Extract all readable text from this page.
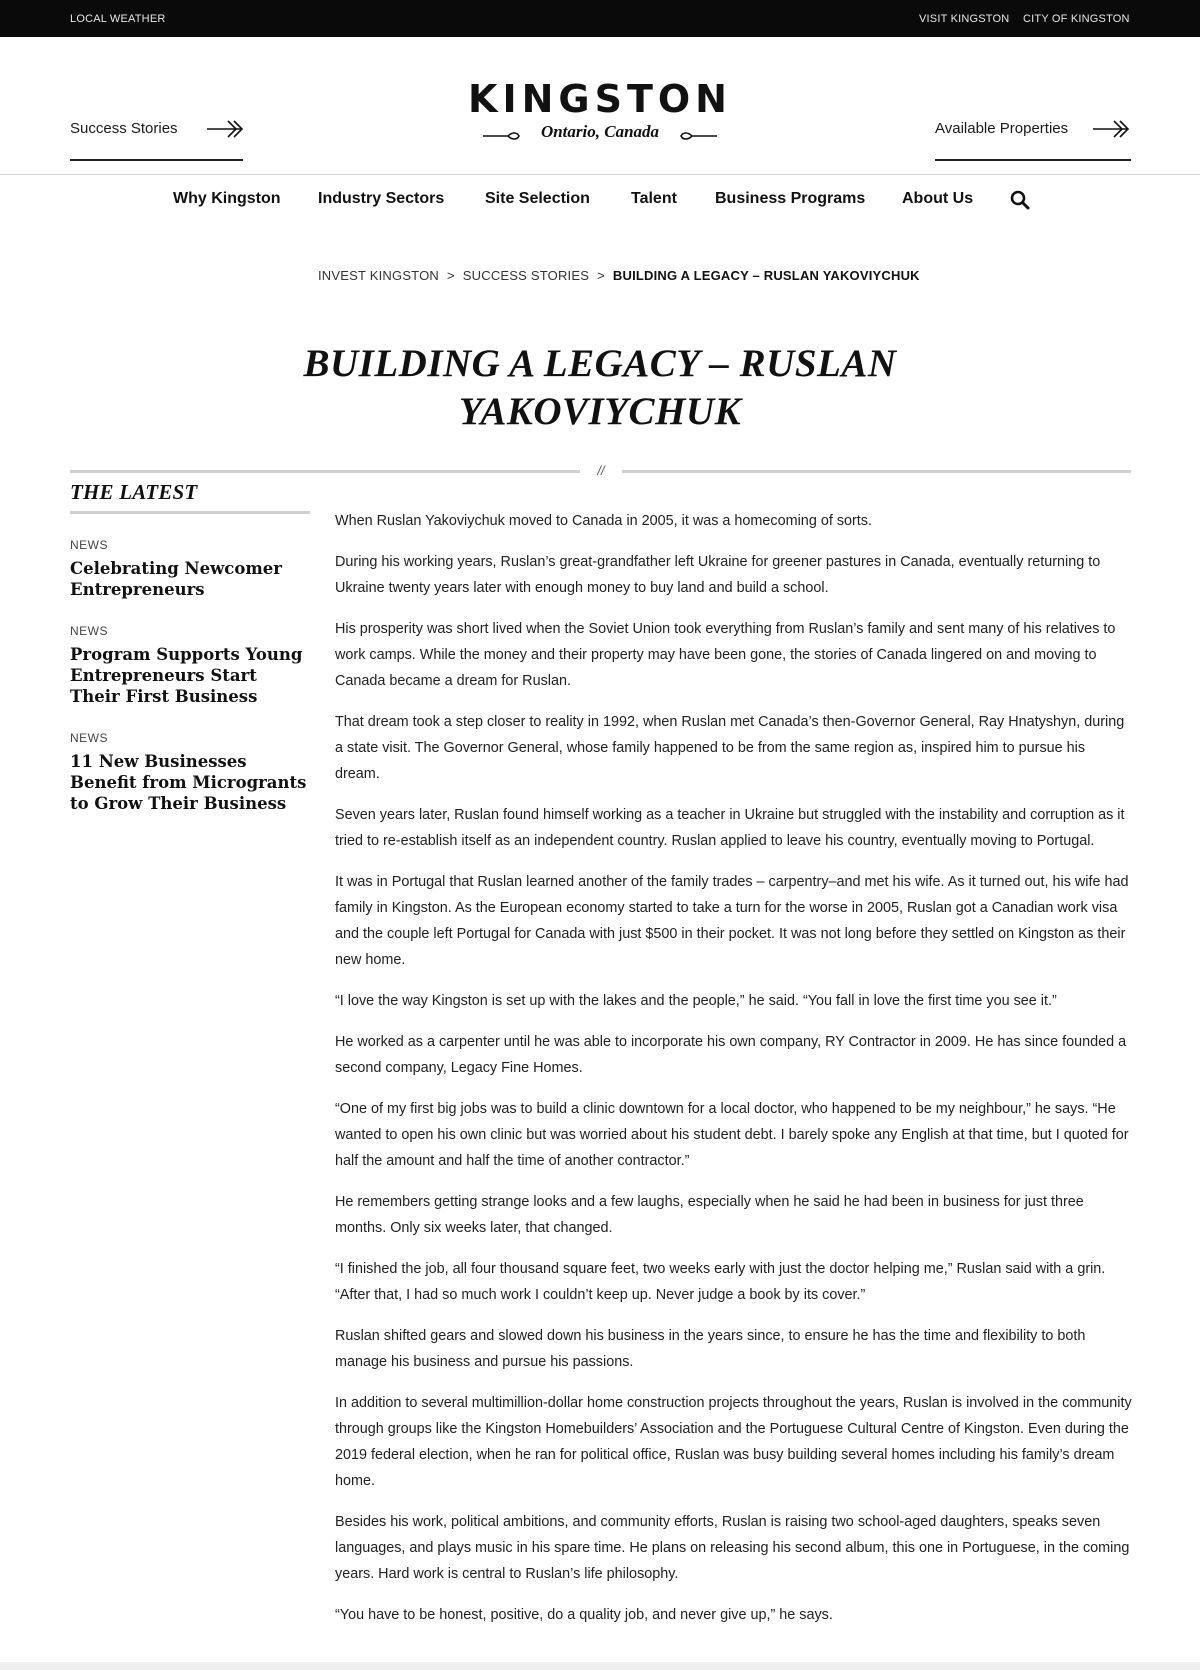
LOCAL WEATHER	VISIT KINGSTON CITY OF KINGSTON
Success Stories
KINGSTON
Ontario, Canada	Available Properties
Why Kingston Industry Sectors	Site Selection	Talent Business Programs About Us
INVEST KINGSTON > SUCCESS STORIES > BUILDING A LEGACY – RUSLAN YAKOVIYCHUK
BUILDING A LEGACY – RUSLAN YAKOVIYCHUK
//
THE LATEST
NEWS
Celebrating Newcomer Entrepreneurs
NEWS
Program Supports Young Entrepreneurs Start Their First Business
NEWS
11 New Businesses Benefit from Microgrants to Grow Their Business

When Ruslan Yakoviychuk moved to Canada in 2005, it was a homecoming of sorts.

During his working years, Ruslan’s great-grandfather left Ukraine for greener pastures in Canada, eventually returning to Ukraine twenty years later with enough money to buy land and build a school.

His prosperity was short lived when the Soviet Union took everything from Ruslan’s family and sent many of his relatives to work camps. While the money and their property may have been gone, the stories of Canada lingered on and moving to Canada became a dream for Ruslan.

That dream took a step closer to reality in 1992, when Ruslan met Canada’s then-Governor General, Ray Hnatyshyn, during a state visit. The Governor General, whose family happened to be from the same region as, inspired him to pursue his dream.

Seven years later, Ruslan found himself working as a teacher in Ukraine but struggled with the instability and corruption as it tried to re-establish itself as an independent country. Ruslan applied to leave his country, eventually moving to Portugal.

It was in Portugal that Ruslan learned another of the family trades – carpentry–and met his wife. As it turned out, his wife had family in Kingston. As the European economy started to take a turn for the worse in 2005, Ruslan got a Canadian work visa and the couple left Portugal for Canada with just $500 in their pocket. It was not long before they settled on Kingston as their new home.

“I love the way Kingston is set up with the lakes and the people,” he said. “You fall in love the first time you see it.”

He worked as a carpenter until he was able to incorporate his own company, RY Contractor in 2009. He has since founded a second company, Legacy Fine Homes.

“One of my first big jobs was to build a clinic downtown for a local doctor, who happened to be my neighbour,” he says. “He wanted to open his own clinic but was worried about his student debt. I barely spoke any English at that time, but I quoted for half the amount and half the time of another contractor.”

He remembers getting strange looks and a few laughs, especially when he said he had been in business for just three months. Only six weeks later, that changed.

“I finished the job, all four thousand square feet, two weeks early with just the doctor helping me,” Ruslan said with a grin. “After that, I had so much work I couldn’t keep up. Never judge a book by its cover.”

Ruslan shifted gears and slowed down his business in the years since, to ensure he has the time and flexibility to both manage his business and pursue his passions.

In addition to several multimillion-dollar home construction projects throughout the years, Ruslan is involved in the community through groups like the Kingston Homebuilders’ Association and the Portuguese Cultural Centre of Kingston. Even during the 2019 federal election, when he ran for political office, Ruslan was busy building several homes including his family’s dream home.

Besides his work, political ambitions, and community efforts, Ruslan is raising two school-aged daughters, speaks seven languages, and plays music in his spare time. He plans on releasing his second album, this one in Portuguese, in the coming years. Hard work is central to Ruslan’s life philosophy.

“You have to be honest, positive, do a quality job, and never give up,” he says.
